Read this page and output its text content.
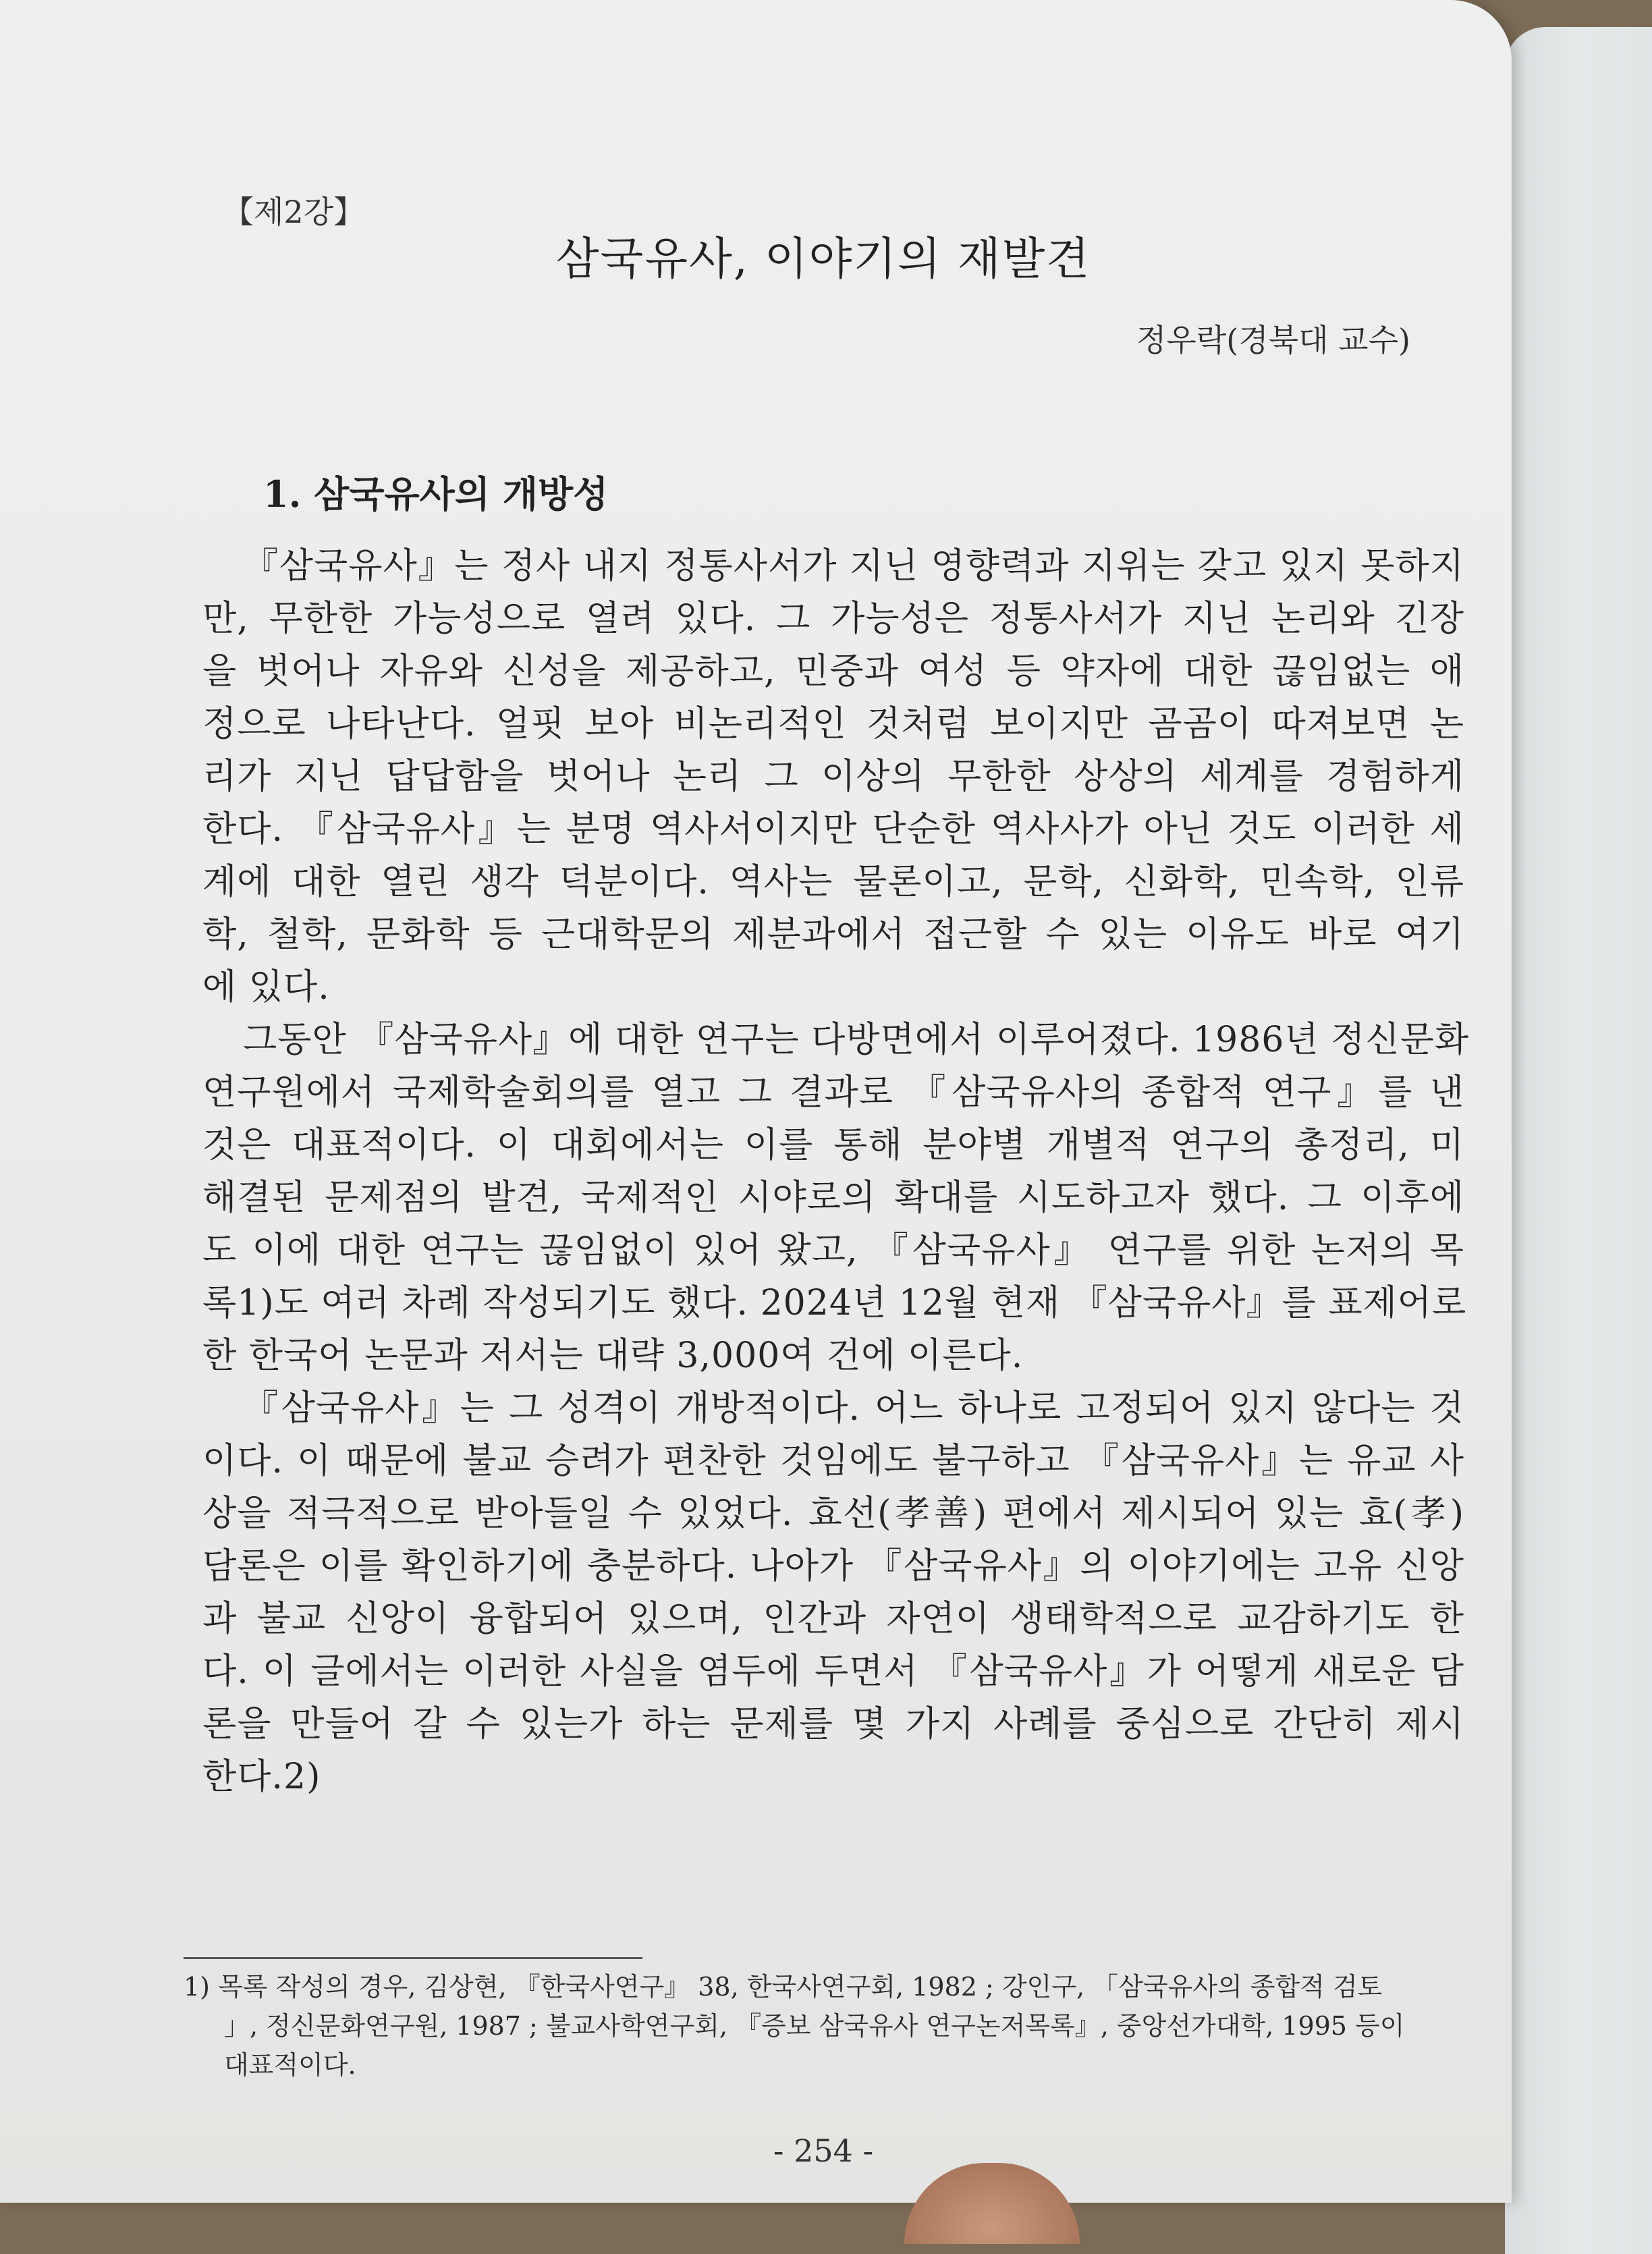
【제2강】
삼국유사, 이야기의 재발견
정우락(경북대 교수)
1. 삼국유사의 개방성
『삼국유사』는 정사 내지 정통사서가 지닌 영향력과 지위는 갖고 있지 못하지
만, 무한한 가능성으로 열려 있다. 그 가능성은 정통사서가 지닌 논리와 긴장
을 벗어나 자유와 신성을 제공하고, 민중과 여성 등 약자에 대한 끊임없는 애
정으로 나타난다. 얼핏 보아 비논리적인 것처럼 보이지만 곰곰이 따져보면 논
리가 지닌 답답함을 벗어나 논리 그 이상의 무한한 상상의 세계를 경험하게
한다. 『삼국유사』는 분명 역사서이지만 단순한 역사사가 아닌 것도 이러한 세
계에 대한 열린 생각 덕분이다. 역사는 물론이고, 문학, 신화학, 민속학, 인류
학, 철학, 문화학 등 근대학문의 제분과에서 접근할 수 있는 이유도 바로 여기
에 있다.
그동안 『삼국유사』에 대한 연구는 다방면에서 이루어졌다. 1986년 정신문화
연구원에서 국제학술회의를 열고 그 결과로 『삼국유사의 종합적 연구』를 낸
것은 대표적이다. 이 대회에서는 이를 통해 분야별 개별적 연구의 총정리, 미
해결된 문제점의 발견, 국제적인 시야로의 확대를 시도하고자 했다. 그 이후에
도 이에 대한 연구는 끊임없이 있어 왔고, 『삼국유사』 연구를 위한 논저의 목
록1)도 여러 차례 작성되기도 했다. 2024년 12월 현재 『삼국유사』를 표제어로
한 한국어 논문과 저서는 대략 3,000여 건에 이른다.
『삼국유사』는 그 성격이 개방적이다. 어느 하나로 고정되어 있지 않다는 것
이다. 이 때문에 불교 승려가 편찬한 것임에도 불구하고 『삼국유사』는 유교 사
상을 적극적으로 받아들일 수 있었다. 효선(孝善) 편에서 제시되어 있는 효(孝)
담론은 이를 확인하기에 충분하다. 나아가 『삼국유사』의 이야기에는 고유 신앙
과 불교 신앙이 융합되어 있으며, 인간과 자연이 생태학적으로 교감하기도 한
다. 이 글에서는 이러한 사실을 염두에 두면서 『삼국유사』가 어떻게 새로운 담
론을 만들어 갈 수 있는가 하는 문제를 몇 가지 사례를 중심으로 간단히 제시
한다.2)
1) 목록 작성의 경우, 김상현, 『한국사연구』 38, 한국사연구회, 1982 ; 강인구, 「삼국유사의 종합적 검토
」, 정신문화연구원, 1987 ; 불교사학연구회, 『증보 삼국유사 연구논저목록』, 중앙선가대학, 1995 등이
대표적이다.
- 254 -
